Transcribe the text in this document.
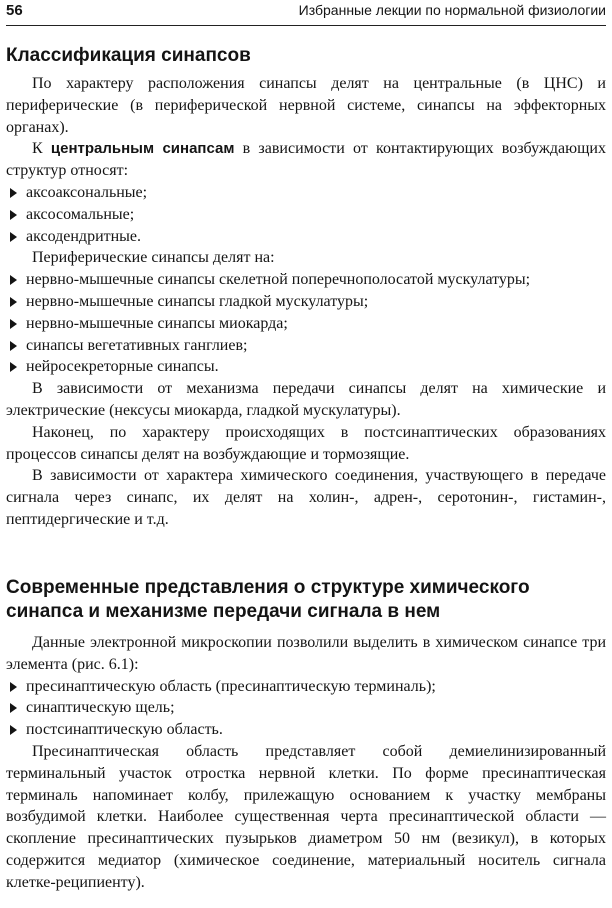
56	Избранные лекции по нормальной физиологии
Классификация синапсов

По характеру расположения синапсы делят на центральные (в ЦНС) и периферические (в периферической нервной системе, синапсы на эффекторных органах).

К центральным синапсам в зависимости от контактирующих возбуждающих структур относят:

аксоаксональные;
аксосомальные;
аксодендритные.

Периферические синапсы делят на:

нервно-мышечные синапсы скелетной поперечнополосатой мускулатуры;
нервно-мышечные синапсы гладкой мускулатуры;
нервно-мышечные синапсы миокарда;
синапсы вегетативных ганглиев;
нейросекреторные синапсы.

В зависимости от механизма передачи синапсы делят на химические и электрические (нексусы миокарда, гладкой мускулатуры).

Наконец, по характеру происходящих в постсинаптических образованиях процессов синапсы делят на возбуждающие и тормозящие.

В зависимости от характера химического соединения, участвующего в передаче сигнала через синапс, их делят на холин-, адрен-, серотонин-, гистамин-, пептидергические и т.д.

Современные представления о структуре химического синапса и механизме передачи сигнала в нем

Данные электронной микроскопии позволили выделить в химическом синапсе три элемента (рис. 6.1):

пресинаптическую область (пресинаптическую терминаль);
синаптическую щель;
постсинаптическую область.

Пресинаптическая область представляет собой демиелинизированный терминальный участок отростка нервной клетки. По форме пресинаптическая терминаль напоминает колбу, прилежащую основанием к участку мембраны возбудимой клетки. Наиболее существенная черта пресинаптической области — скопление пресинаптических пузырьков диаметром 50 нм (везикул), в которых содержится медиатор (химическое соединение, материальный носитель сигнала клетке-реципиенту).
